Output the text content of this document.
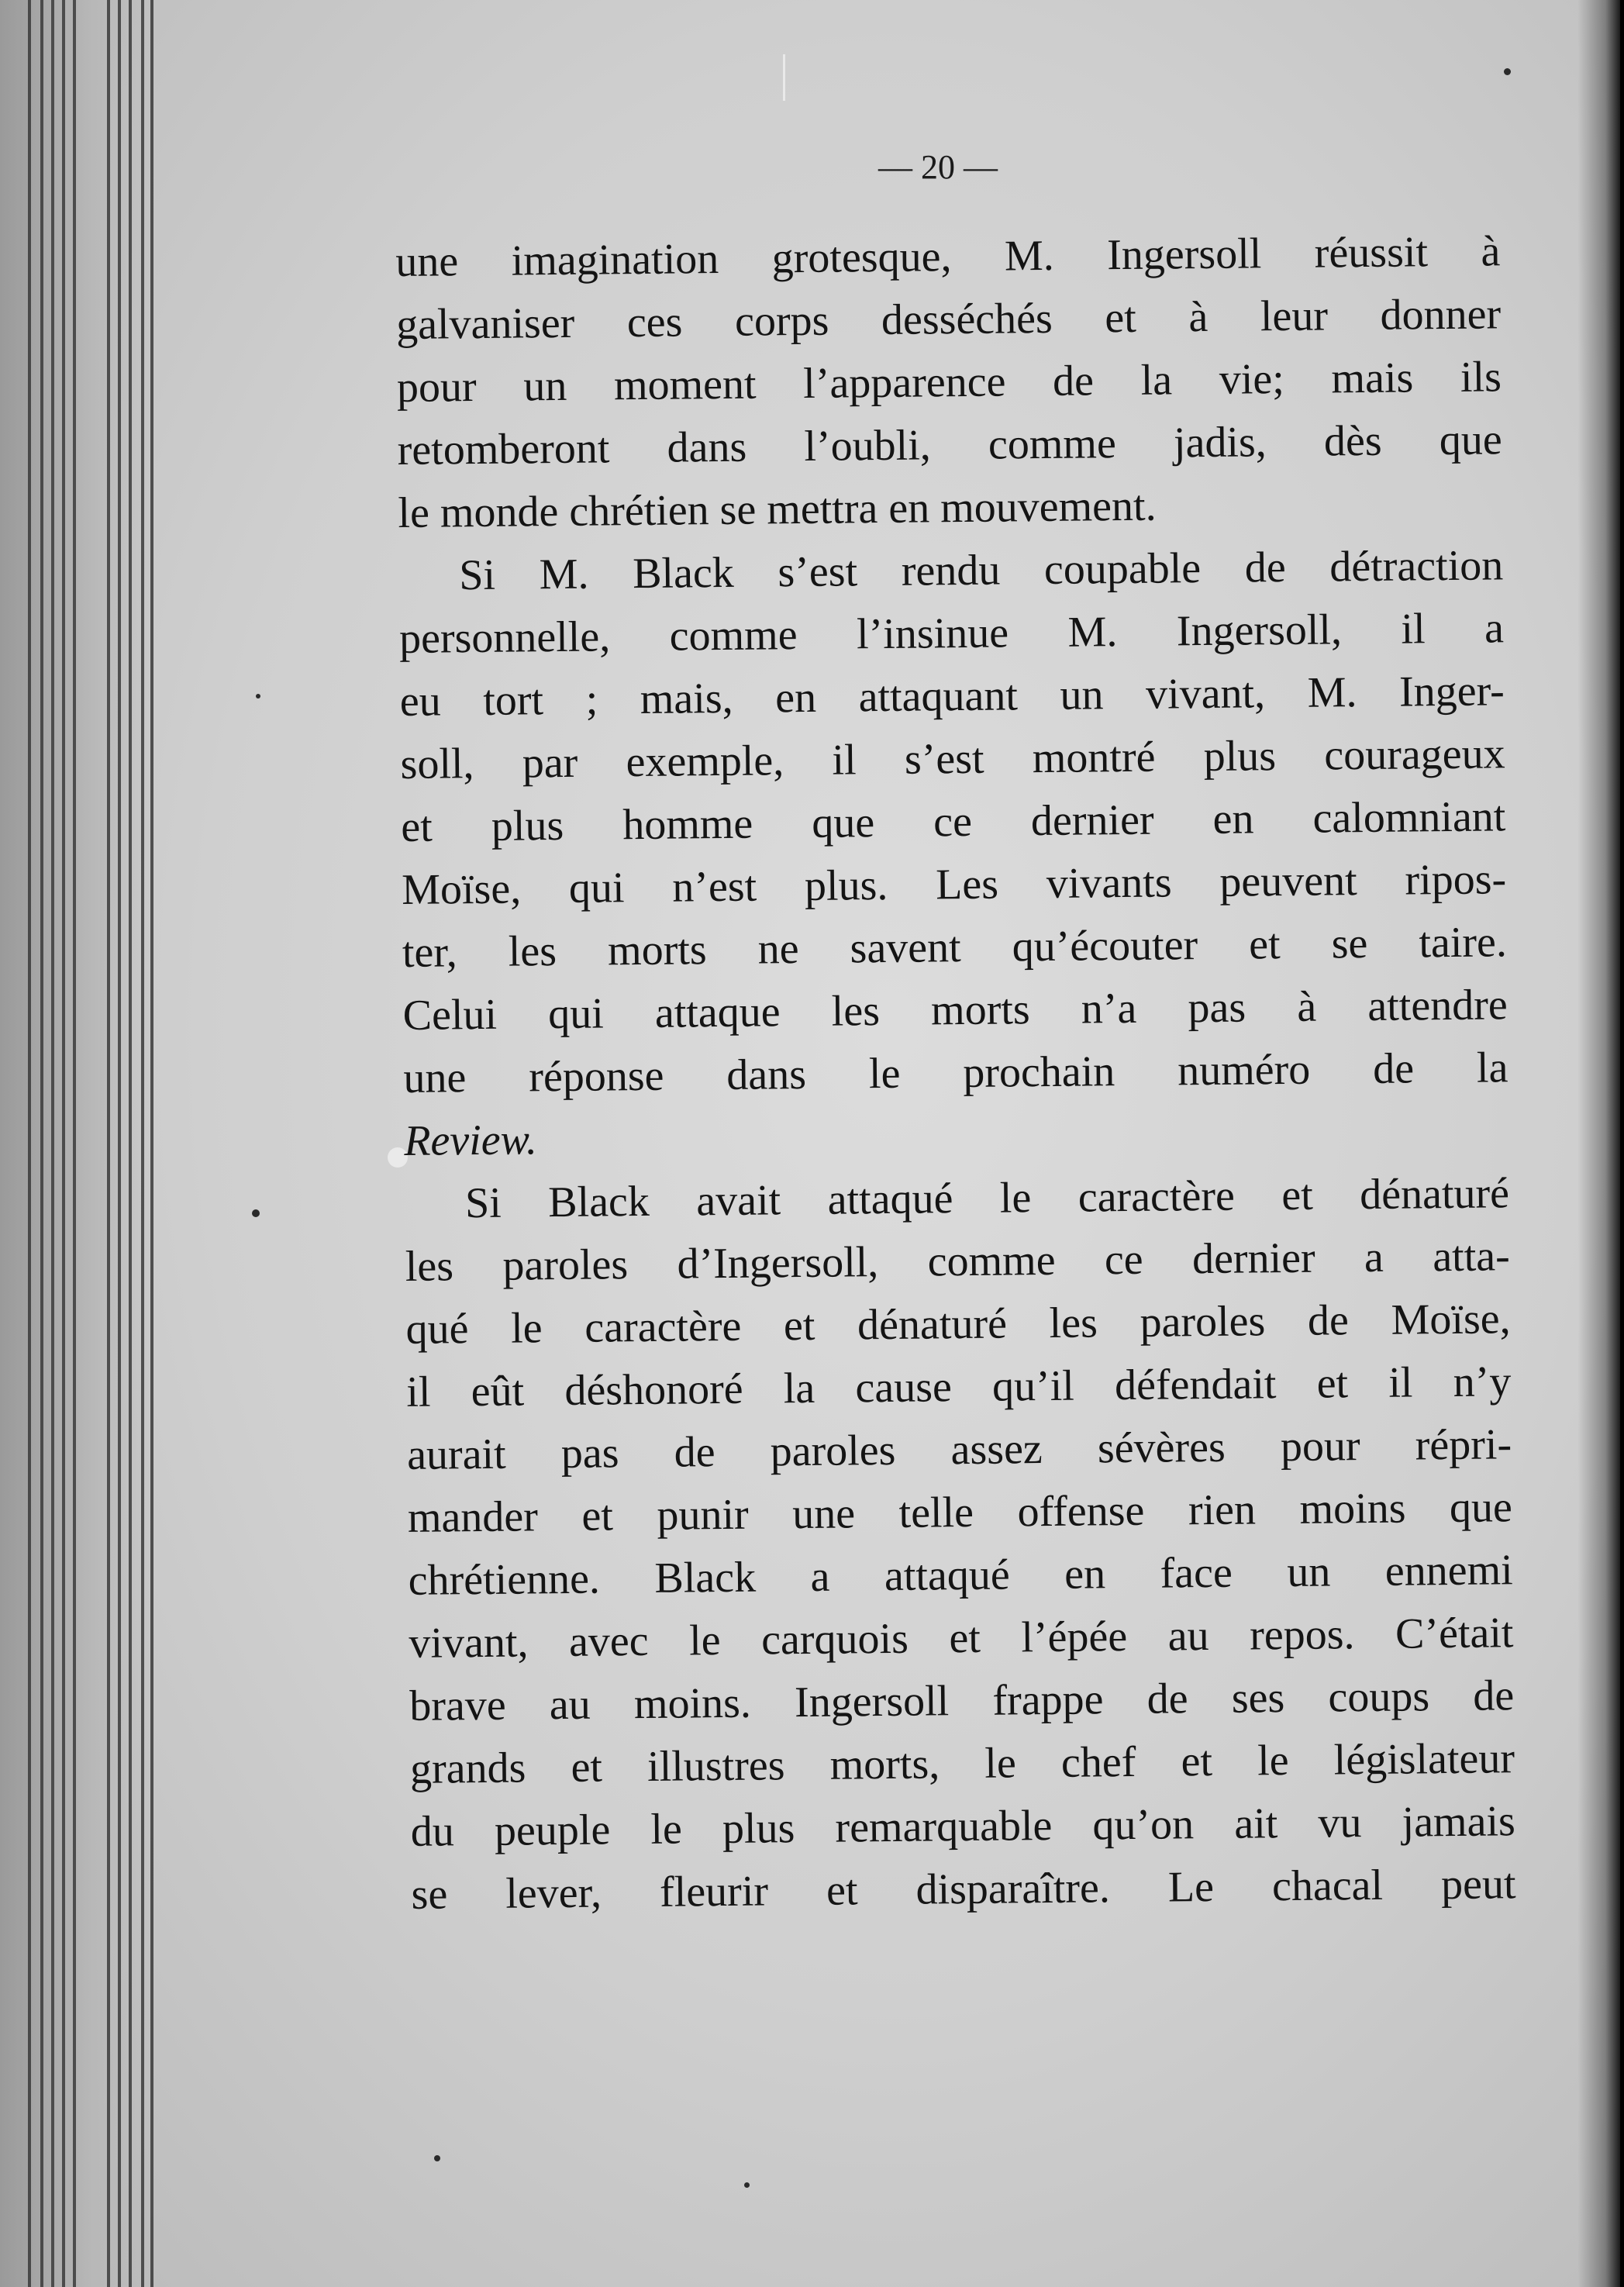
— 20 —
une imagination grotesque, M. Ingersoll réussit à
galvaniser ces corps desséchés et à leur donner
pour un moment l’apparence de la vie; mais ils
retomberont dans l’oubli, comme jadis, dès que
le monde chrétien se mettra en mouvement.
Si M. Black s’est rendu coupable de détraction
personnelle, comme l’insinue M. Ingersoll, il a
eu tort ; mais, en attaquant un vivant, M. Inger-
soll, par exemple, il s’est montré plus courageux
et plus homme que ce dernier en calomniant
Moïse, qui n’est plus. Les vivants peuvent ripos-
ter, les morts ne savent qu’écouter et se taire.
Celui qui attaque les morts n’a pas à attendre
une réponse dans le prochain numéro de la
Review.
Si Black avait attaqué le caractère et dénaturé
les paroles d’Ingersoll, comme ce dernier a atta-
qué le caractère et dénaturé les paroles de Moïse,
il eût déshonoré la cause qu’il défendait et il n’y
aurait pas de paroles assez sévères pour répri-
mander et punir une telle offense rien moins que
chrétienne. Black a attaqué en face un ennemi
vivant, avec le carquois et l’épée au repos. C’était
brave au moins. Ingersoll frappe de ses coups de
grands et illustres morts, le chef et le législateur
du peuple le plus remarquable qu’on ait vu jamais
se lever, fleurir et disparaître. Le chacal peut
